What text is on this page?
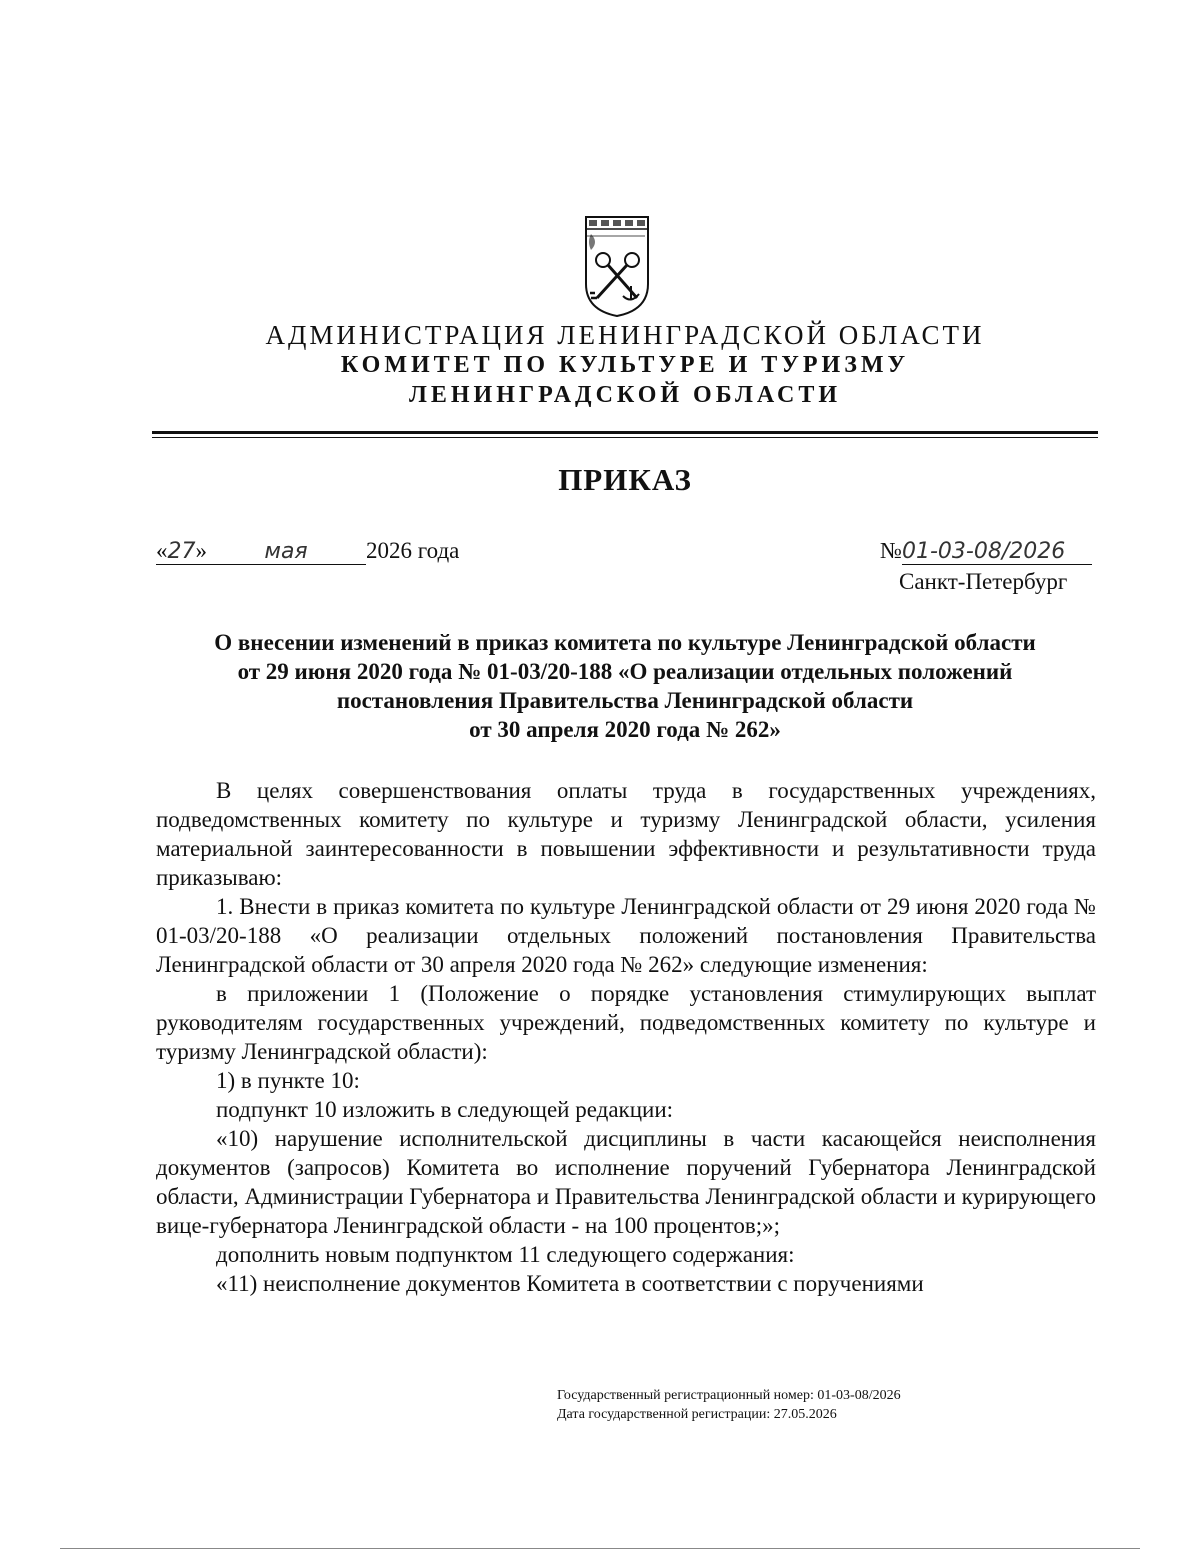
АДМИНИСТРАЦИЯ ЛЕНИНГРАДСКОЙ ОБЛАСТИ
КОМИТЕТ ПО КУЛЬТУРЕ И ТУРИЗМУ
ЛЕНИНГРАДСКОЙ ОБЛАСТИ
ПРИКАЗ
«27»	мая	2026 года	№01-03-08/2026
Санкт-Петербург
О внесении изменений в приказ комитета по культуре Ленинградской области
от 29 июня 2020 года № 01-03/20-188 «О реализации отдельных положений
постановления Правительства Ленинградской области
от 30 апреля 2020 года № 262»

В целях совершенствования оплаты труда в государственных учреждениях, подведомственных комитету по культуре и туризму Ленинградской области, усиления материальной заинтересованности в повышении эффективности и результативности труда приказываю:

1. Внести в приказ комитета по культуре Ленинградской области от 29 июня 2020 года № 01-03/20-188 «О реализации отдельных положений постановления Правительства Ленинградской области от 30 апреля 2020 года № 262» следующие изменения:

в приложении 1 (Положение о порядке установления стимулирующих выплат руководителям государственных учреждений, подведомственных комитету по культуре и туризму Ленинградской области):

1) в пункте 10:

подпункт 10 изложить в следующей редакции:

«10) нарушение исполнительской дисциплины в части касающейся неисполнения документов (запросов) Комитета во исполнение поручений Губернатора Ленинградской области, Администрации Губернатора и Правительства Ленинградской области и курирующего вице-губернатора Ленинградской области - на 100 процентов;»;

дополнить новым подпунктом 11 следующего содержания:

«11) неисполнение документов Комитета в соответствии с поручениями

Государственный регистрационный номер: 01-03-08/2026
Дата государственной регистрации: 27.05.2026
